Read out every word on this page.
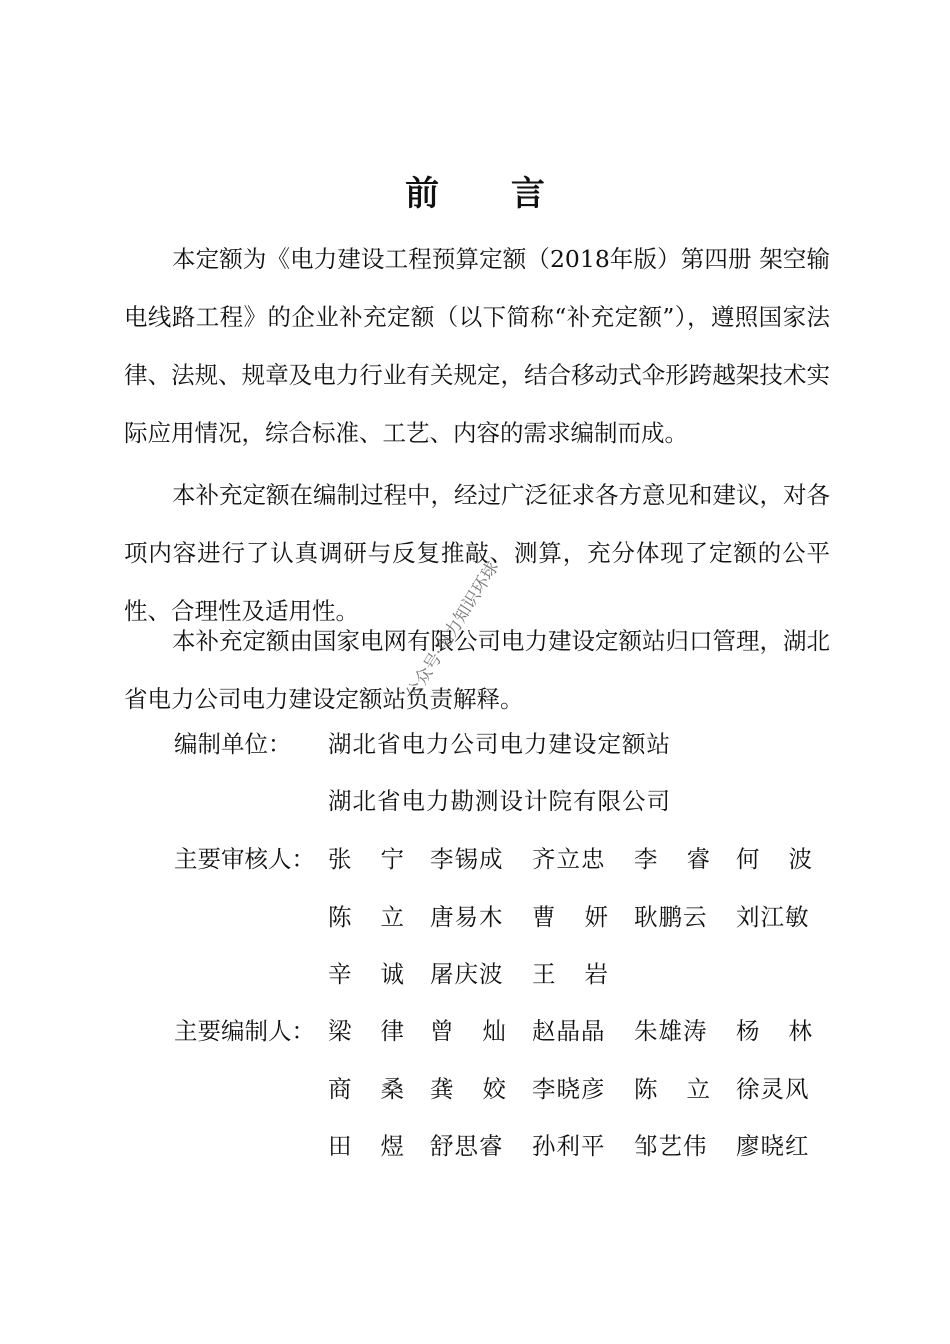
前 言

本定额为《电力建设工程预算定额（2018年版）第四册 架空输电线路工程》的企业补充定额（以下简称“补充定额”），遵照国家法律、法规、规章及电力行业有关规定，结合移动式伞形跨越架技术实际应用情况，综合标准、工艺、内容的需求编制而成。

本补充定额在编制过程中，经过广泛征求各方意见和建议，对各项内容进行了认真调研与反复推敲、测算，充分体现了定额的公平性、合理性及适用性。

本补充定额由国家电网有限公司电力建设定额站归口管理，湖北省电力公司电力建设定额站负责解释。

编制单位： 湖北省电力公司电力建设定额站
湖北省电力勘测设计院有限公司
主要审核人： 张 宁 李锡成 齐立忠 李 睿 何 波
陈 立 唐易木 曹 妍 耿鹏云 刘江敏
辛 诚 屠庆波 王 岩
主要编制人： 梁 律 曾 灿 赵晶晶 朱雄涛 杨 林
商 桑 龚 姣 李晓彦 陈 立 徐灵风
田 煜 舒思睿 孙利平 邹艺伟 廖晓红
公众号·电力知识环球
